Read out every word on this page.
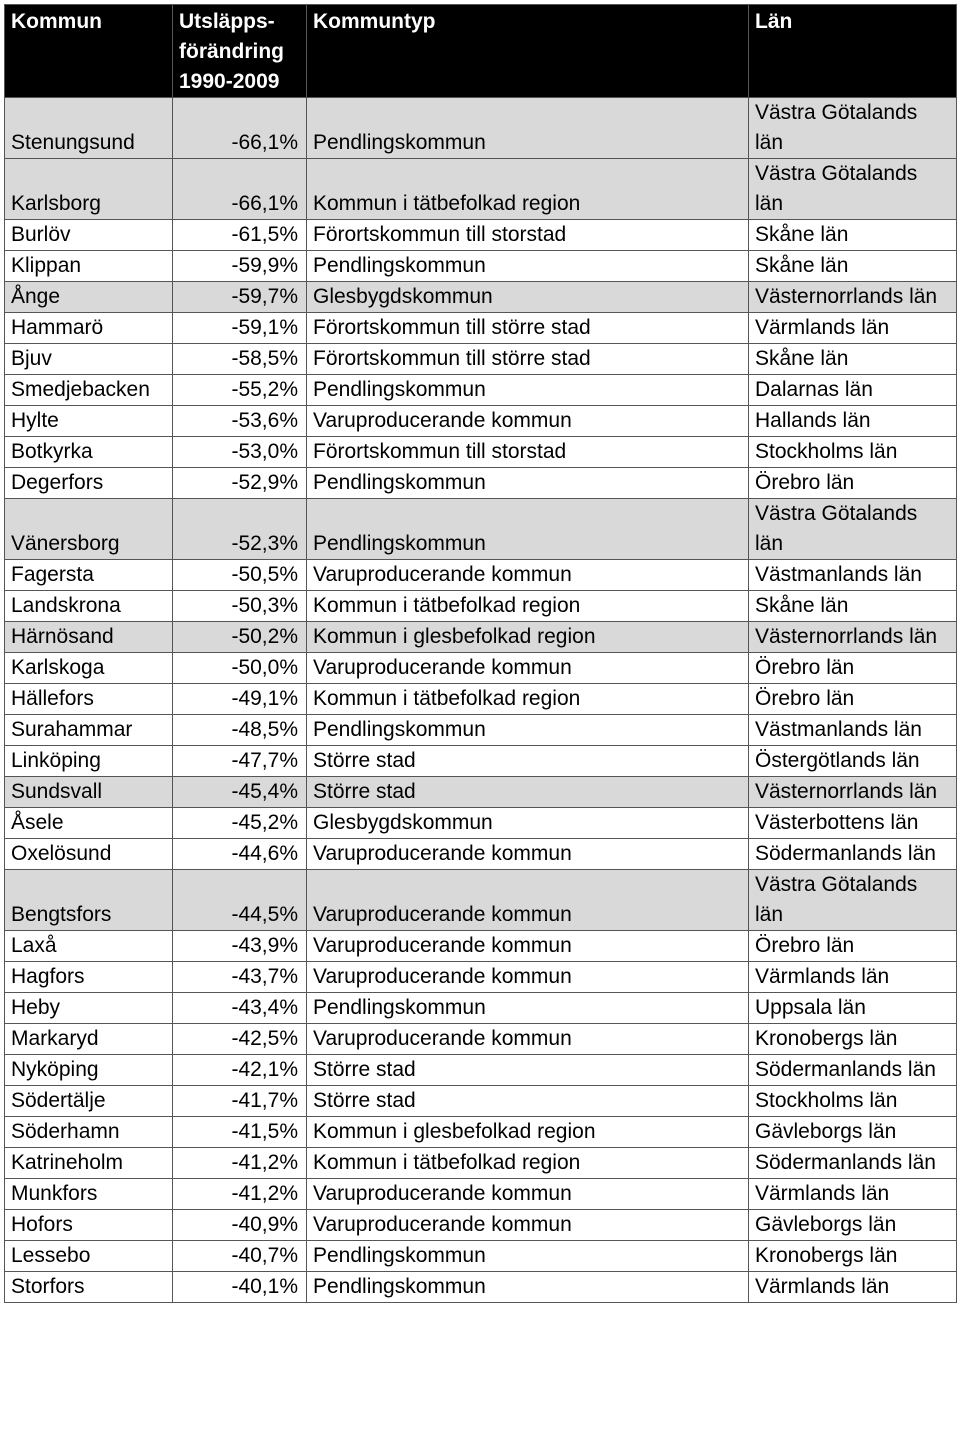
Kommun	Utsläpps-förändring 1990-2009	Kommuntyp	Län
Stenungsund	-66,1%	Pendlingskommun	Västra Götalands län
Karlsborg	-66,1%	Kommun i tätbefolkad region	Västra Götalands län
Burlöv	-61,5%	Förortskommun till storstad	Skåne län
Klippan	-59,9%	Pendlingskommun	Skåne län
Ånge	-59,7%	Glesbygdskommun	Västernorrlands län
Hammarö	-59,1%	Förortskommun till större stad	Värmlands län
Bjuv	-58,5%	Förortskommun till större stad	Skåne län
Smedjebacken	-55,2%	Pendlingskommun	Dalarnas län
Hylte	-53,6%	Varuproducerande kommun	Hallands län
Botkyrka	-53,0%	Förortskommun till storstad	Stockholms län
Degerfors	-52,9%	Pendlingskommun	Örebro län
Vänersborg	-52,3%	Pendlingskommun	Västra Götalands län
Fagersta	-50,5%	Varuproducerande kommun	Västmanlands län
Landskrona	-50,3%	Kommun i tätbefolkad region	Skåne län
Härnösand	-50,2%	Kommun i glesbefolkad region	Västernorrlands län
Karlskoga	-50,0%	Varuproducerande kommun	Örebro län
Hällefors	-49,1%	Kommun i tätbefolkad region	Örebro län
Surahammar	-48,5%	Pendlingskommun	Västmanlands län
Linköping	-47,7%	Större stad	Östergötlands län
Sundsvall	-45,4%	Större stad	Västernorrlands län
Åsele	-45,2%	Glesbygdskommun	Västerbottens län
Oxelösund	-44,6%	Varuproducerande kommun	Södermanlands län
Bengtsfors	-44,5%	Varuproducerande kommun	Västra Götalands län
Laxå	-43,9%	Varuproducerande kommun	Örebro län
Hagfors	-43,7%	Varuproducerande kommun	Värmlands län
Heby	-43,4%	Pendlingskommun	Uppsala län
Markaryd	-42,5%	Varuproducerande kommun	Kronobergs län
Nyköping	-42,1%	Större stad	Södermanlands län
Södertälje	-41,7%	Större stad	Stockholms län
Söderhamn	-41,5%	Kommun i glesbefolkad region	Gävleborgs län
Katrineholm	-41,2%	Kommun i tätbefolkad region	Södermanlands län
Munkfors	-41,2%	Varuproducerande kommun	Värmlands län
Hofors	-40,9%	Varuproducerande kommun	Gävleborgs län
Lessebo	-40,7%	Pendlingskommun	Kronobergs län
Storfors	-40,1%	Pendlingskommun	Värmlands län
